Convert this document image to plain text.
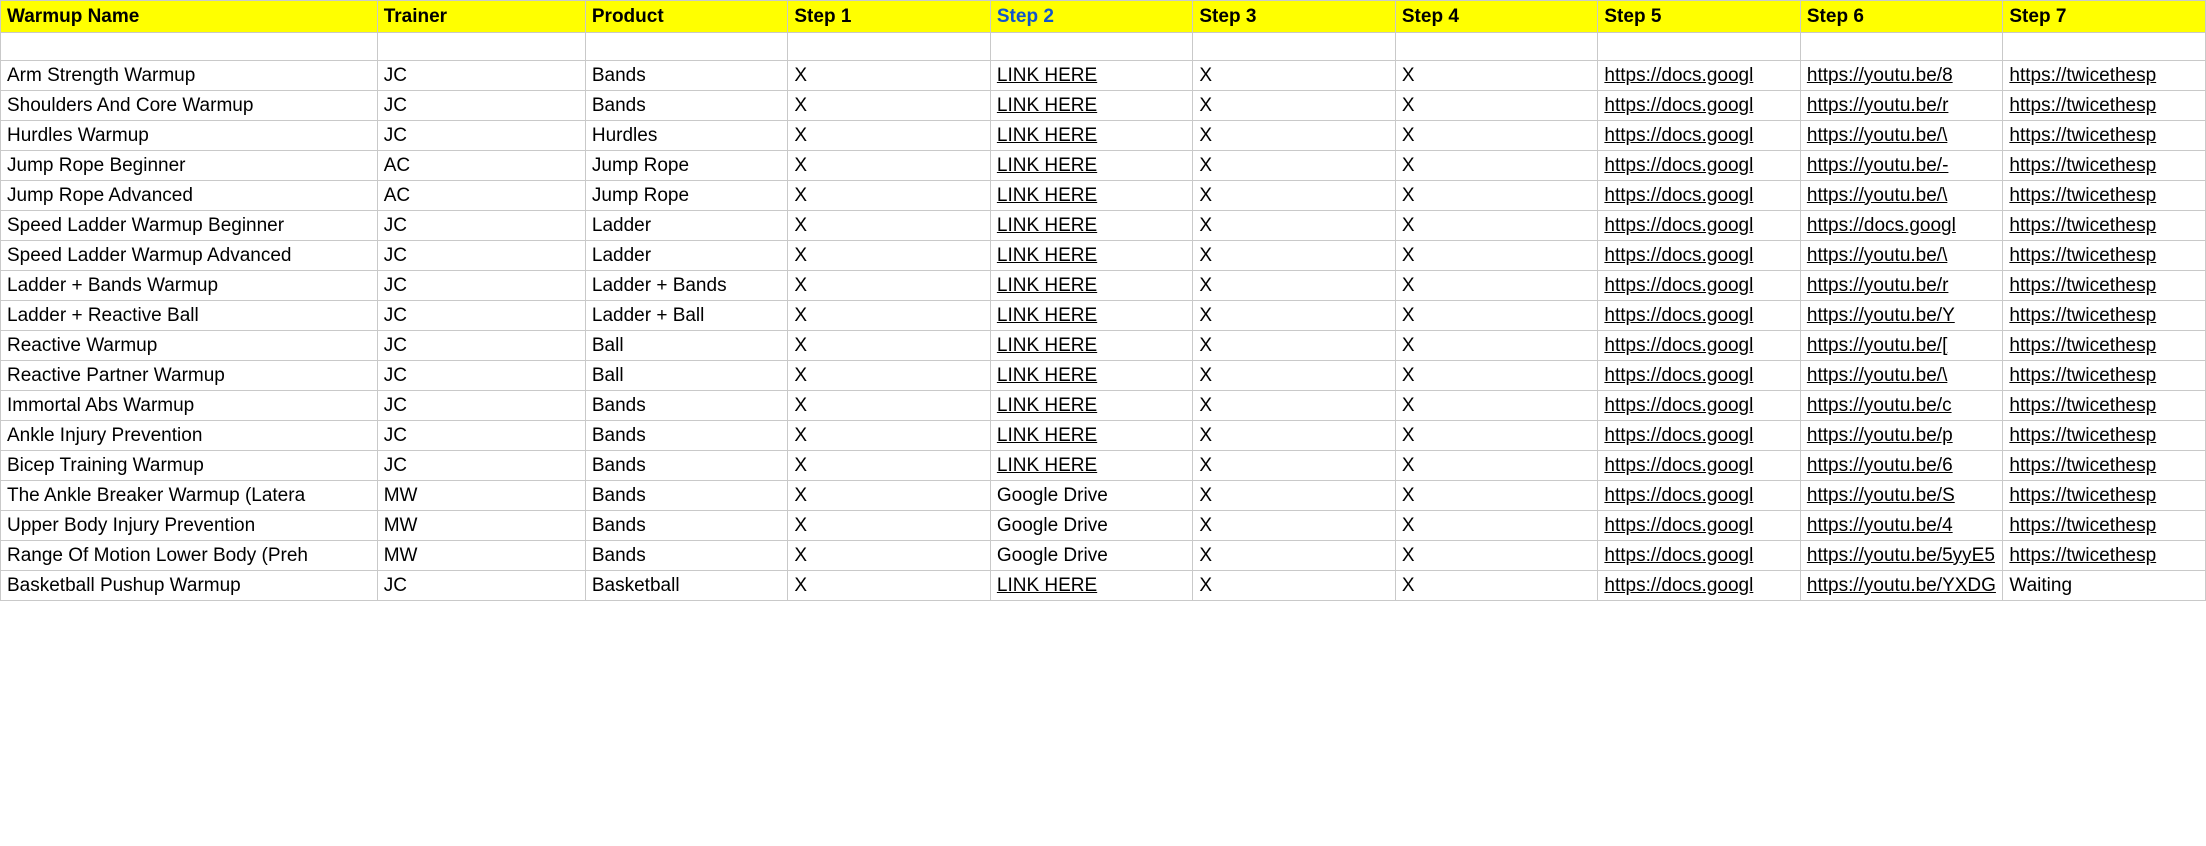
Warmup Name	Trainer	Product	Step 1	Step 2	Step 3	Step 4	Step 5	Step 6	Step 7

Arm Strength Warmup	JC	Bands	X	LINK HERE	X	X	https://docs.googl	https://youtu.be/8	https://twicethesp
Shoulders And Core Warmup	JC	Bands	X	LINK HERE	X	X	https://docs.googl	https://youtu.be/r	https://twicethesp
Hurdles Warmup	JC	Hurdles	X	LINK HERE	X	X	https://docs.googl	https://youtu.be/\	https://twicethesp
Jump Rope Beginner	AC	Jump Rope	X	LINK HERE	X	X	https://docs.googl	https://youtu.be/-	https://twicethesp
Jump Rope Advanced	AC	Jump Rope	X	LINK HERE	X	X	https://docs.googl	https://youtu.be/\	https://twicethesp
Speed Ladder Warmup Beginner	JC	Ladder	X	LINK HERE	X	X	https://docs.googl	https://docs.googl	https://twicethesp
Speed Ladder Warmup Advanced	JC	Ladder	X	LINK HERE	X	X	https://docs.googl	https://youtu.be/\	https://twicethesp
Ladder + Bands Warmup	JC	Ladder + Bands	X	LINK HERE	X	X	https://docs.googl	https://youtu.be/r	https://twicethesp
Ladder + Reactive Ball	JC	Ladder + Ball	X	LINK HERE	X	X	https://docs.googl	https://youtu.be/Y	https://twicethesp
Reactive Warmup	JC	Ball	X	LINK HERE	X	X	https://docs.googl	https://youtu.be/[	https://twicethesp
Reactive Partner Warmup	JC	Ball	X	LINK HERE	X	X	https://docs.googl	https://youtu.be/\	https://twicethesp
Immortal Abs Warmup	JC	Bands	X	LINK HERE	X	X	https://docs.googl	https://youtu.be/c	https://twicethesp
Ankle Injury Prevention	JC	Bands	X	LINK HERE	X	X	https://docs.googl	https://youtu.be/p	https://twicethesp
Bicep Training Warmup	JC	Bands	X	LINK HERE	X	X	https://docs.googl	https://youtu.be/6	https://twicethesp
The Ankle Breaker Warmup (Latera	MW	Bands	X	Google Drive	X	X	https://docs.googl	https://youtu.be/S	https://twicethesp
Upper Body Injury Prevention	MW	Bands	X	Google Drive	X	X	https://docs.googl	https://youtu.be/4	https://twicethesp
Range Of Motion Lower Body (Preh	MW	Bands	X	Google Drive	X	X	https://docs.googl	https://youtu.be/5yyE5	https://twicethesp
Basketball Pushup Warmup	JC	Basketball	X	LINK HERE	X	X	https://docs.googl	https://youtu.be/YXDG	Waiting
